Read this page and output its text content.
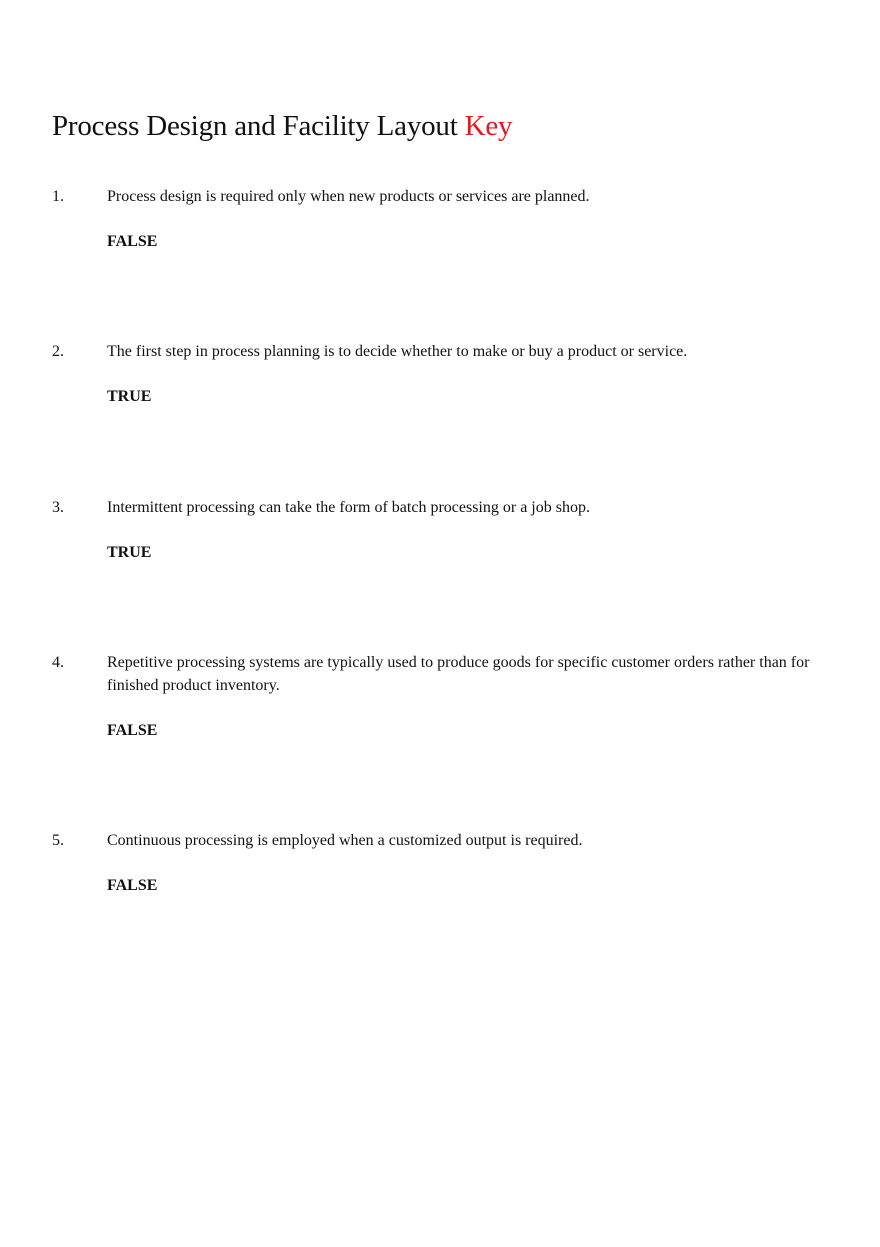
Process Design and Facility Layout Key
1.	Process design is required only when new products or services are planned.
FALSE
2.	The first step in process planning is to decide whether to make or buy a product or service.
TRUE
3.	Intermittent processing can take the form of batch processing or a job shop.
TRUE
4.	Repetitive processing systems are typically used to produce goods for specific customer orders rather than for finished product inventory.
FALSE
5.	Continuous processing is employed when a customized output is required.
FALSE
